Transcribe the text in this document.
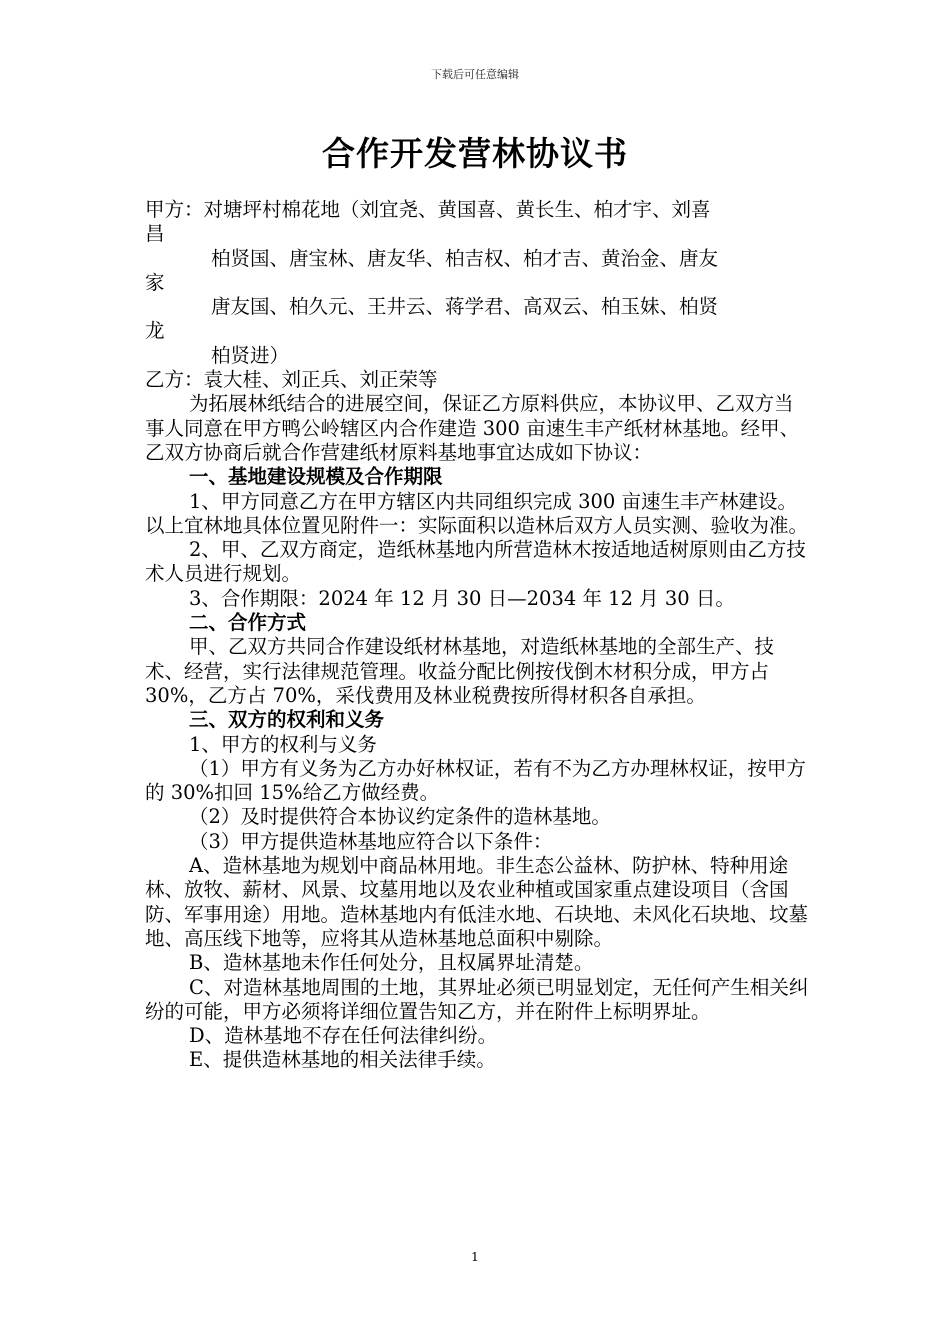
下载后可任意编辑
合作开发营林协议书

甲方：对塘坪村棉花地（刘宜尧、黄国喜、黄长生、柏才宇、刘喜

昌

柏贤国、唐宝林、唐友华、柏吉权、柏才吉、黄治金、唐友

家

唐友国、柏久元、王井云、蒋学君、高双云、柏玉妹、柏贤

龙

柏贤进）

乙方：袁大桂、刘正兵、刘正荣等

为拓展林纸结合的进展空间，保证乙方原料供应，本协议甲、乙双方当事人同意在甲方鸭公岭辖区内合作建造 300 亩速生丰产纸材林基地。经甲、乙双方协商后就合作营建纸材原料基地事宜达成如下协议：

一、基地建设规模及合作期限

1、甲方同意乙方在甲方辖区内共同组织完成 300 亩速生丰产林建设。以上宜林地具体位置见附件一：实际面积以造林后双方人员实测、验收为准。

2、甲、乙双方商定，造纸林基地内所营造林木按适地适树原则由乙方技术人员进行规划。

3、合作期限：2024 年 12 月 30 日—2034 年 12 月 30 日。

二、合作方式

甲、乙双方共同合作建设纸材林基地，对造纸林基地的全部生产、技术、经营，实行法律规范管理。收益分配比例按伐倒木材积分成，甲方占 30%，乙方占 70%，采伐费用及林业税费按所得材积各自承担。

三、双方的权利和义务

1、甲方的权利与义务

（1）甲方有义务为乙方办好林权证，若有不为乙方办理林权证，按甲方的 30%扣回 15%给乙方做经费。

（2）及时提供符合本协议约定条件的造林基地。

（3）甲方提供造林基地应符合以下条件：

A、造林基地为规划中商品林用地。非生态公益林、防护林、特种用途林、放牧、薪材、风景、坟墓用地以及农业种植或国家重点建设项目（含国防、军事用途）用地。造林基地内有低洼水地、石块地、未风化石块地、坟墓地、高压线下地等，应将其从造林基地总面积中剔除。

B、造林基地未作任何处分，且权属界址清楚。

C、对造林基地周围的土地，其界址必须已明显划定，无任何产生相关纠纷的可能，甲方必须将详细位置告知乙方，并在附件上标明界址。

D、造林基地不存在任何法律纠纷。

E、提供造林基地的相关法律手续。

1
